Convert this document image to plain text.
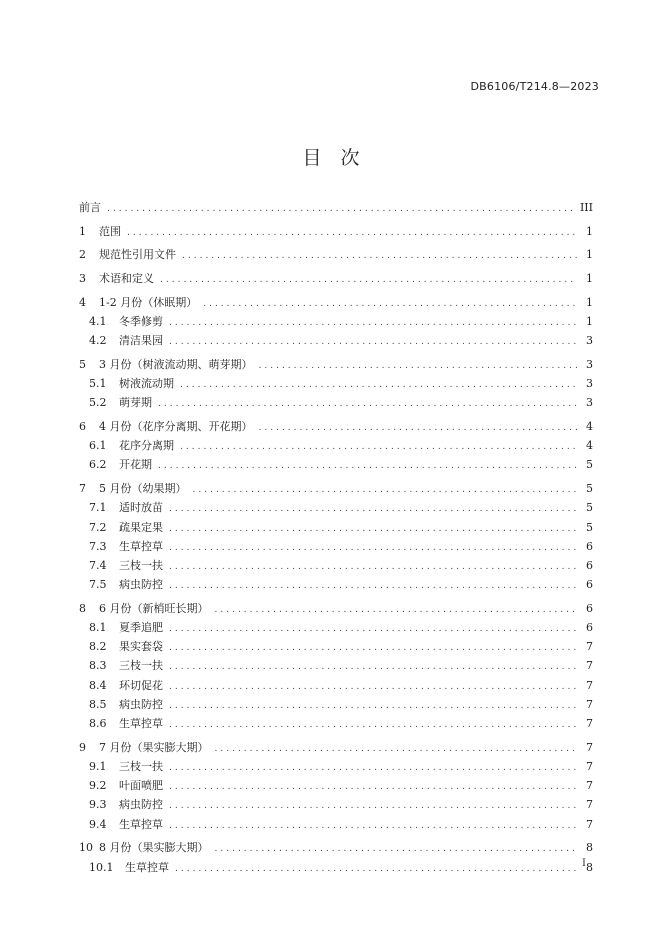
DB6106/T214.8—2023
目　次
前言 .....	III
1	范围 .....	1
2	规范性引用文件 .....	1
3	术语和定义 .....	1
4	1-2 月份（休眠期） .....	1
4.1	冬季修剪 .....	1
4.2	清洁果园 .....	3
5	3 月份（树液流动期、萌芽期） .....	3
5.1	树液流动期 .....	3
5.2	萌芽期 .....	3
6	4 月份（花序分离期、开花期） .....	4
6.1	花序分离期 .....	4
6.2	开花期 .....	5
7	5 月份（幼果期） .....	5
7.1	适时放苗 .....	5
7.2	疏果定果 .....	5
7.3	生草控草 .....	6
7.4	三枝一扶 .....	6
7.5	病虫防控 .....	6
8	6 月份（新梢旺长期） .....	6
8.1	夏季追肥 .....	6
8.2	果实套袋 .....	7
8.3	三枝一扶 .....	7
8.4	环切促花 .....	7
8.5	病虫防控 .....	7
8.6	生草控草 .....	7
9	7 月份（果实膨大期） .....	7
9.1	三枝一扶 .....	7
9.2	叶面喷肥 .....	7
9.3	病虫防控 .....	7
9.4	生草控草 .....	7
10 8 月份（果实膨大期） .....	8
10.1	生草控草 .....	8
I
